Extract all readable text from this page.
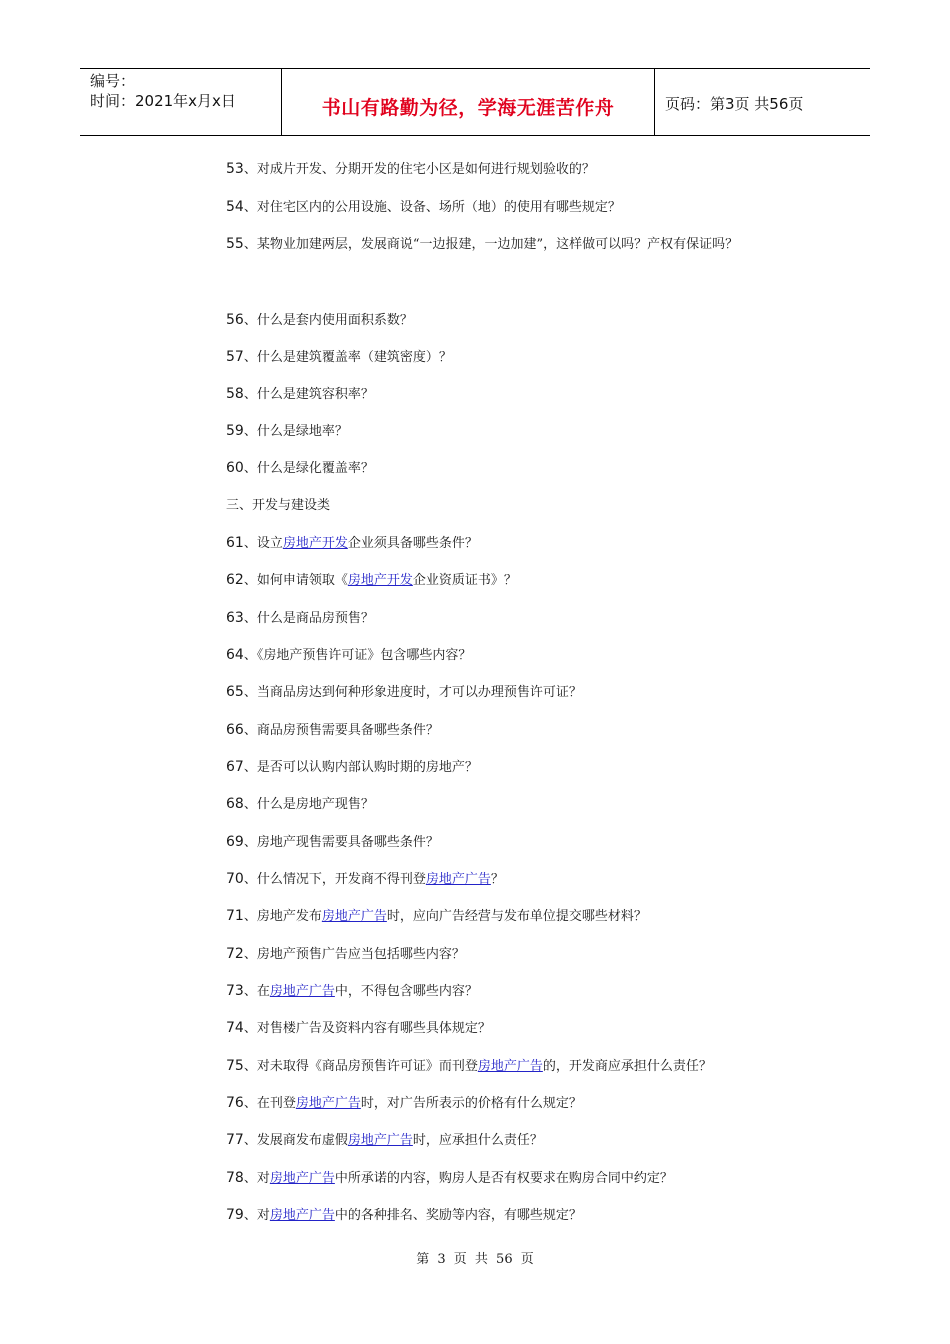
编号：
时间：2021年x月x日	书山有路勤为径，学海无涯苦作舟	页码：第3页 共56页
53、对成片开发、分期开发的住宅小区是如何进行规划验收的？
54、对住宅区内的公用设施、设备、场所（地）的使用有哪些规定？
55、某物业加建两层，发展商说“一边报建，一边加建”，这样做可以吗？产权有保证吗？
56、什么是套内使用面积系数？
57、什么是建筑覆盖率（建筑密度）？
58、什么是建筑容积率？
59、什么是绿地率？
60、什么是绿化覆盖率？
三、开发与建设类
61、设立房地产开发企业须具备哪些条件？
62、如何申请领取《房地产开发企业资质证书》？
63、什么是商品房预售？
64、《房地产预售许可证》包含哪些内容？
65、当商品房达到何种形象进度时，才可以办理预售许可证？
66、商品房预售需要具备哪些条件？
67、是否可以认购内部认购时期的房地产？
68、什么是房地产现售？
69、房地产现售需要具备哪些条件？
70、什么情况下，开发商不得刊登房地产广告？
71、房地产发布房地产广告时，应向广告经营与发布单位提交哪些材料？
72、房地产预售广告应当包括哪些内容？
73、在房地产广告中，不得包含哪些内容？
74、对售楼广告及资料内容有哪些具体规定？
75、对未取得《商品房预售许可证》而刊登房地产广告的，开发商应承担什么责任？
76、在刊登房地产广告时，对广告所表示的价格有什么规定？
77、发展商发布虚假房地产广告时，应承担什么责任？
78、对房地产广告中所承诺的内容，购房人是否有权要求在购房合同中约定？
79、对房地产广告中的各种排名、奖励等内容，有哪些规定？
第 3 页 共 56 页
